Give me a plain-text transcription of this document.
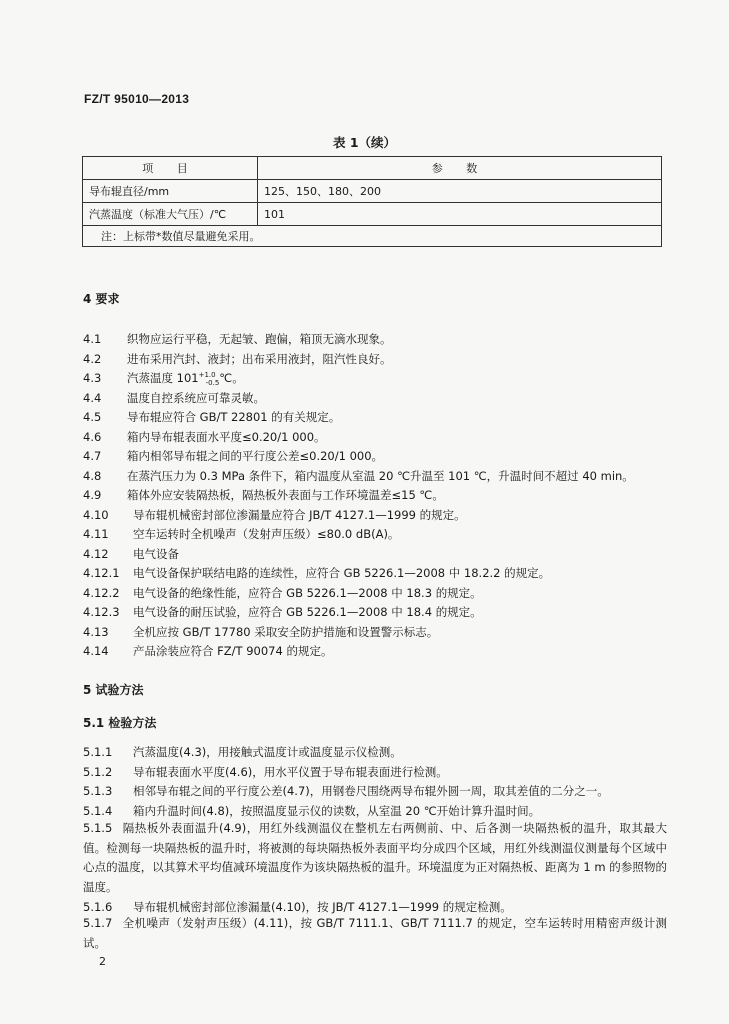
FZ/T 95010—2013
表 1（续）
项 目	参 数
导布辊直径/mm	125、150、180、200
汽蒸温度（标准大气压）/℃	101
注：上标带*数值尽量避免采用。	
4 要求
4.1 织物应运行平稳，无起皱、跑偏，箱顶无滴水现象。
4.2 进布采用汽封、液封；出布采用液封，阻汽性良好。
4.3 汽蒸温度 $101^{+1.0}_{-0.5}℃$。
4.4 温度自控系统应可靠灵敏。
4.5 导布辊应符合 GB/T 22801 的有关规定。
4.6 箱内导布辊表面水平度≤0.20/1 000。
4.7 箱内相邻导布辊之间的平行度公差≤0.20/1 000。
4.8 在蒸汽压力为 0.3 MPa 条件下，箱内温度从室温 20 ℃升温至 101 ℃，升温时间不超过 40 min。
4.9 箱体外应安装隔热板，隔热板外表面与工作环境温差≤15 ℃。
4.10 导布辊机械密封部位渗漏量应符合 JB/T 4127.1—1999 的规定。
4.11 空车运转时全机噪声（发射声压级）≤80.0 dB(A)。
4.12 电气设备
4.12.1 电气设备保护联结电路的连续性，应符合 GB 5226.1—2008 中 18.2.2 的规定。
4.12.2 电气设备的绝缘性能，应符合 GB 5226.1—2008 中 18.3 的规定。
4.12.3 电气设备的耐压试验，应符合 GB 5226.1—2008 中 18.4 的规定。
4.13 全机应按 GB/T 17780 采取安全防护措施和设置警示标志。
4.14 产品涂装应符合 FZ/T 90074 的规定。
5 试验方法
5.1 检验方法
5.1.1 汽蒸温度(4.3)，用接触式温度计或温度显示仪检测。
5.1.2 导布辊表面水平度(4.6)，用水平仪置于导布辊表面进行检测。
5.1.3 相邻导布辊之间的平行度公差(4.7)，用钢卷尺围绕两导布辊外圆一周，取其差值的二分之一。
5.1.4 箱内升温时间(4.8)，按照温度显示仪的读数，从室温 20 ℃开始计算升温时间。
5.1.5 隔热板外表面温升(4.9)，用红外线测温仪在整机左右两侧前、中、后各测一块隔热板的温升，取其最大值。检测每一块隔热板的温升时，将被测的每块隔热板外表面平均分成四个区域，用红外线测温仪测量每个区域中心点的温度，以其算术平均值减环境温度作为该块隔热板的温升。环境温度为正对隔热板、距离为 1 m 的参照物的温度。
5.1.6 导布辊机械密封部位渗漏量(4.10)，按 JB/T 4127.1—1999 的规定检测。
5.1.7 全机噪声（发射声压级）(4.11)，按 GB/T 7111.1、GB/T 7111.7 的规定，空车运转时用精密声级计测试。
2
